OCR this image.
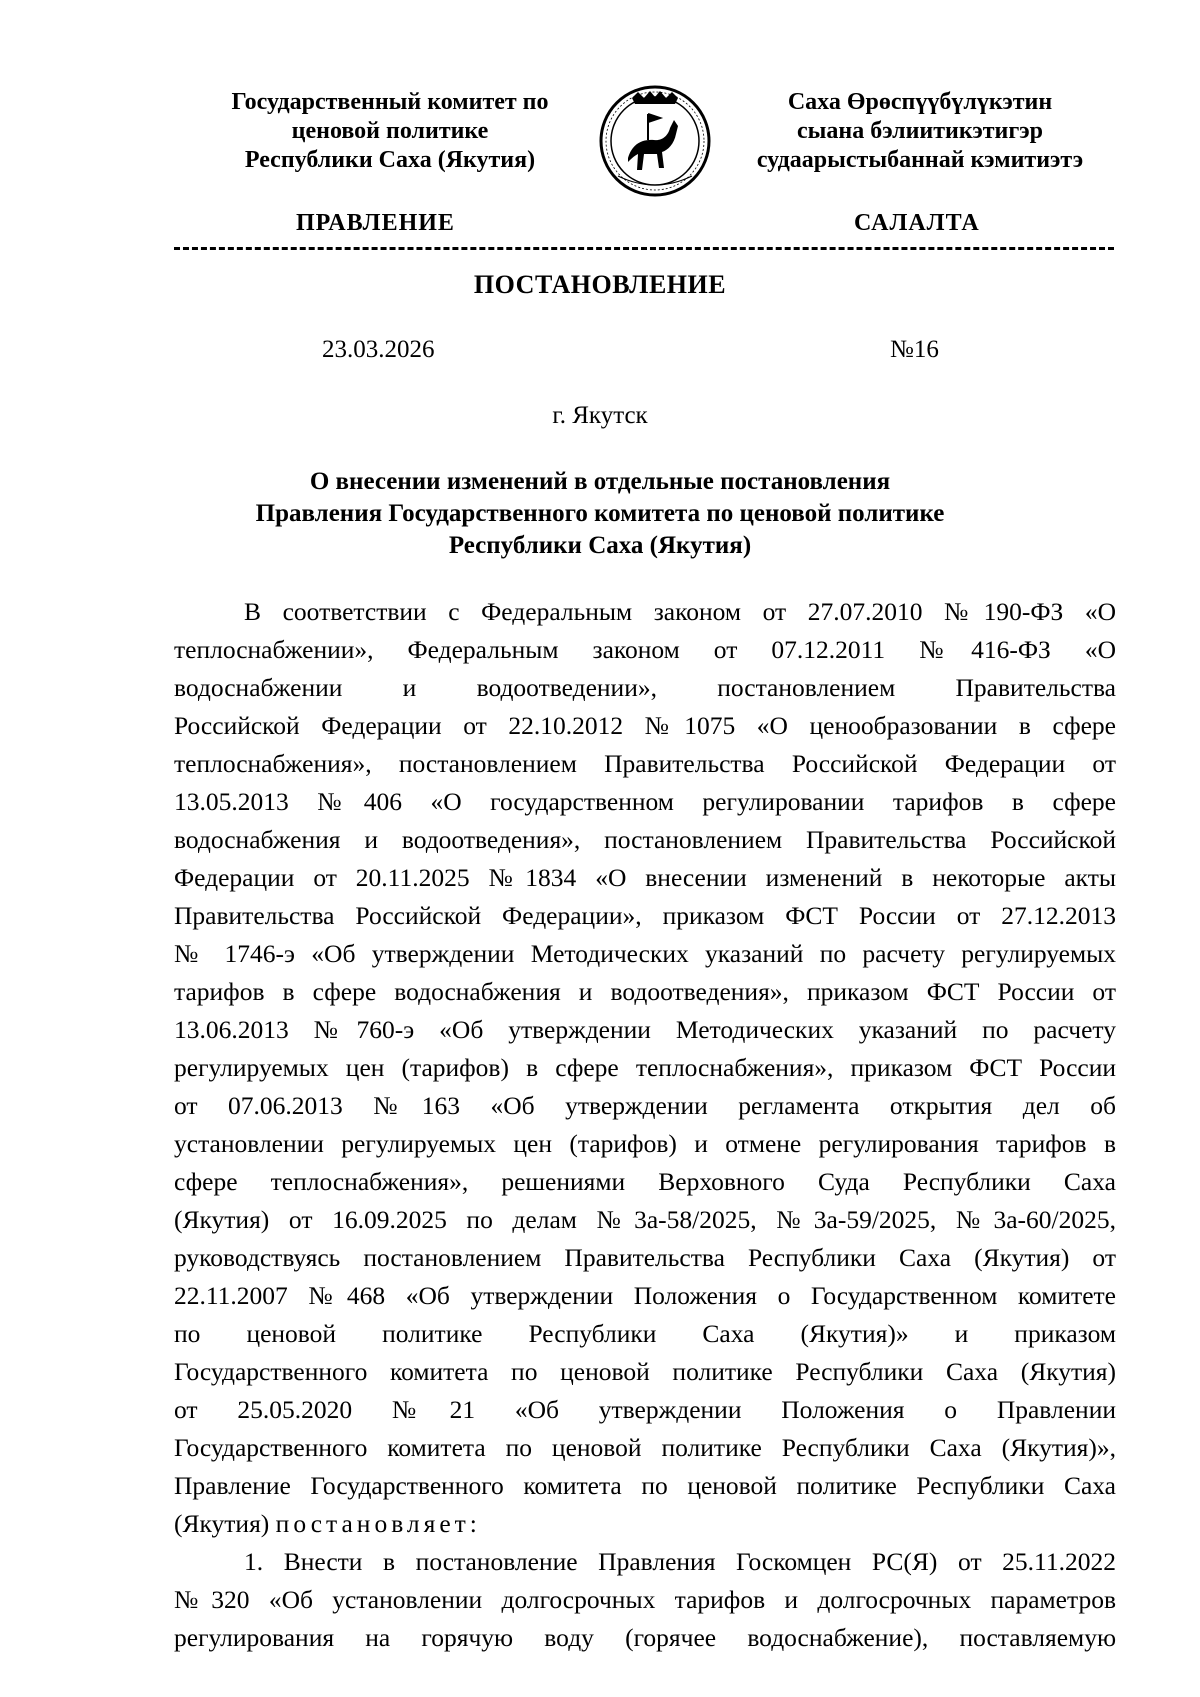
Государственный комитет по
ценовой политике
Республики Саха (Якутия)
Саха Өрөспүүбүлүкэтин
сыана бэлиитикэтигэр
судаарыстыбаннай кэмитиэтэ
ПРАВЛЕНИЕ	САЛАЛТА
ПОСТАНОВЛЕНИЕ
23.03.2026	№16
г. Якутск
О внесении изменений в отдельные постановления
Правления Государственного комитета по ценовой политике
Республики Саха (Якутия)
В соответствии с Федеральным законом от 27.07.2010 №190-ФЗ «О
теплоснабжении», Федеральным законом от 07.12.2011 №416-ФЗ «О
водоснабжении и водоотведении», постановлением Правительства
Российской Федерации от 22.10.2012 №1075 «О ценообразовании в сфере
теплоснабжения», постановлением Правительства Российской Федерации от
13.05.2013 №406 «О государственном регулировании тарифов в сфере
водоснабжения и водоотведения», постановлением Правительства Российской
Федерации от 20.11.2025 №1834 «О внесении изменений в некоторые акты
Правительства Российской Федерации», приказом ФСТ России от 27.12.2013
№ 1746-э «Об утверждении Методических указаний по расчету регулируемых
тарифов в сфере водоснабжения и водоотведения», приказом ФСТ России от
13.06.2013 №760-э «Об утверждении Методических указаний по расчету
регулируемых цен (тарифов) в сфере теплоснабжения», приказом ФСТ России
от 07.06.2013 №163 «Об утверждении регламента открытия дел об
установлении регулируемых цен (тарифов) и отмене регулирования тарифов в
сфере теплоснабжения», решениями Верховного Суда Республики Саха
(Якутия) от 16.09.2025 по делам №3а-58/2025, №3а-59/2025, №3а-60/2025,
руководствуясь постановлением Правительства Республики Саха (Якутия) от
22.11.2007 №468 «Об утверждении Положения о Государственном комитете
по ценовой политике Республики Саха (Якутия)» и приказом
Государственного комитета по ценовой политике Республики Саха (Якутия)
от 25.05.2020 №21 «Об утверждении Положения о Правлении
Государственного комитета по ценовой политике Республики Саха (Якутия)»,
Правление Государственного комитета по ценовой политике Республики Саха
(Якутия) постановляет:
1. Внести в постановление Правления Госкомцен РС(Я) от 25.11.2022
№320 «Об установлении долгосрочных тарифов и долгосрочных параметров
регулирования на горячую воду (горячее водоснабжение), поставляемую
